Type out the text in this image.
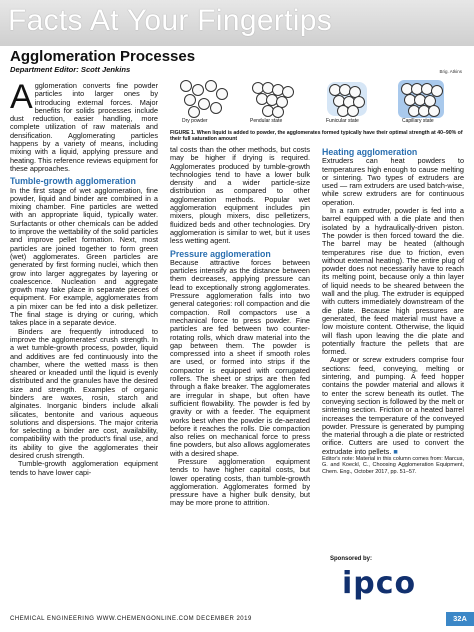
Facts At Your Fingertips
Agglomeration Processes
Department Editor: Scott Jenkins	Brig. Atkins
Dry powder	Pendular state	Funicular state	Capillary state
FIGURE 1. When liquid is added to powder, the agglomerates formed typically have their optimal strength at 40–90% of their full saturation amount

Agglomeration converts fine powder particles into larger ones by introducing external forces. Major benefits for solids processes include dust reduction, easier handling, more complete utilization of raw materials and densification. Agglomerating particles happens by a variety of means, including mixing with a liquid, applying pressure and heating. This reference reviews equipment for these approaches.

Tumble-growth agglomeration

In the first stage of wet agglomeration, fine powder, liquid and binder are combined in a mixing chamber. Fine particles are wetted with an appropriate liquid, typically water. Surfactants or other chemicals can be added to improve the wettability of the solid particles and improve pellet formation. Next, most particles are joined together to form green (wet) agglomerates. Green particles are generated by first forming nuclei, which then grow into larger aggregates by layering or coalescence. Nucleation and aggregate growth may take place in separate pieces of equipment. For example, agglomerates from a pin mixer can be fed into a disk pelletizer. The final stage is drying or curing, which takes place in a separate device.

Binders are frequently introduced to improve the agglomerates' crush strength. In a wet tumble-growth process, powder, liquid and additives are fed continuously into the chamber, where the wetted mass is then sheared or kneaded until the liquid is evenly distributed and the granules have the desired size and strength. Examples of organic binders are waxes, rosin, starch and alginates. Inorganic binders include alkali silicates, bentonite and various aqueous solutions and dispersions. The major criteria for selecting a binder are cost, availability, compatibility with the product's final use, and its ability to give the agglomerates their desired crush strength.

Tumble-growth agglomeration equipment tends to have lower capi-

tal costs than the other methods, but costs may be higher if drying is required. Agglomerates produced by tumble-growth technologies tend to have a lower bulk density and a wider particle-size distribution as compared to other agglomeration methods. Popular wet agglomeration equipment includes pin mixers, plough mixers, disc pelletizers, fluidized beds and other technologies. Dry agglomeration is similar to wet, but it uses less wetting agent.

Pressure agglomeration

Because attractive forces between particles intensify as the distance between them decreases, applying pressure can lead to exceptionally strong agglomerates. Pressure agglomeration falls into two general categories: roll compaction and die compaction. Roll compactors use a mechanical force to press powder. Fine particles are fed between two counter-rotating rolls, which draw material into the gap between them. The powder is compressed into a sheet if smooth roles are used, or formed into strips if the compactor is equipped with corrugated rollers. The sheet or strips are then fed through a flake breaker. The agglomerates are irregular in shape, but often have sufficient flowability. The powder is fed by gravity or with a feeder. The equipment works best when the powder is de-aerated before it reaches the rolls. Die compaction also relies on mechanical force to press fine powders, but also allows agglomerates with a desired shape.

Pressure agglomeration equipment tends to have higher capital costs, but lower operating costs, than tumble-growth agglomeration. Agglomerates formed by pressure have a higher bulk density, but may be more prone to attrition.

Heating agglomeration

Extruders can heat powders to temperatures high enough to cause melting or sintering. Two types of extruders are used — ram extruders are used batch-wise, while screw extruders are for continuous operation.

In a ram extruder, powder is fed into a barrel equipped with a die plate and then isolated by a hydraulically-driven piston. The powder is then forced toward the die. The barrel may be heated (although temperatures rise due to friction, even without external heating). The entire plug of powder does not necessarily have to reach its melting point, because only a thin layer of liquid needs to be sheared between the wall and the plug. The extruder is equipped with cutters immediately downstream of the die plate. Because high pressures are generated, the feed material must have a low moisture content. Otherwise, the liquid will flash upon leaving the die plate and potentially fracture the pellets that are formed.

Auger or screw extruders comprise four sections: feed, conveying, melting or sintering, and pumping. A feed hopper contains the powder material and allows it to enter the screw beneath its outlet. The conveying section is followed by the melt or sintering section. Friction or a heated barrel increases the temperature of the conveyed powder. Pressure is generated by pumping the material through a die plate or restricted orifice. Cutters are used to convert the extrudate into pellets. ■

Editor's note: Material in this column comes from: Marcus, G. and Koeckl, C., Choosing Agglomeration Equipment, Chem. Eng., October 2017, pp. 51–57.

Sponsored by:
ipco
CHEMICAL ENGINEERING WWW.CHEMENGONLINE.COM DECEMBER 2019	32A
